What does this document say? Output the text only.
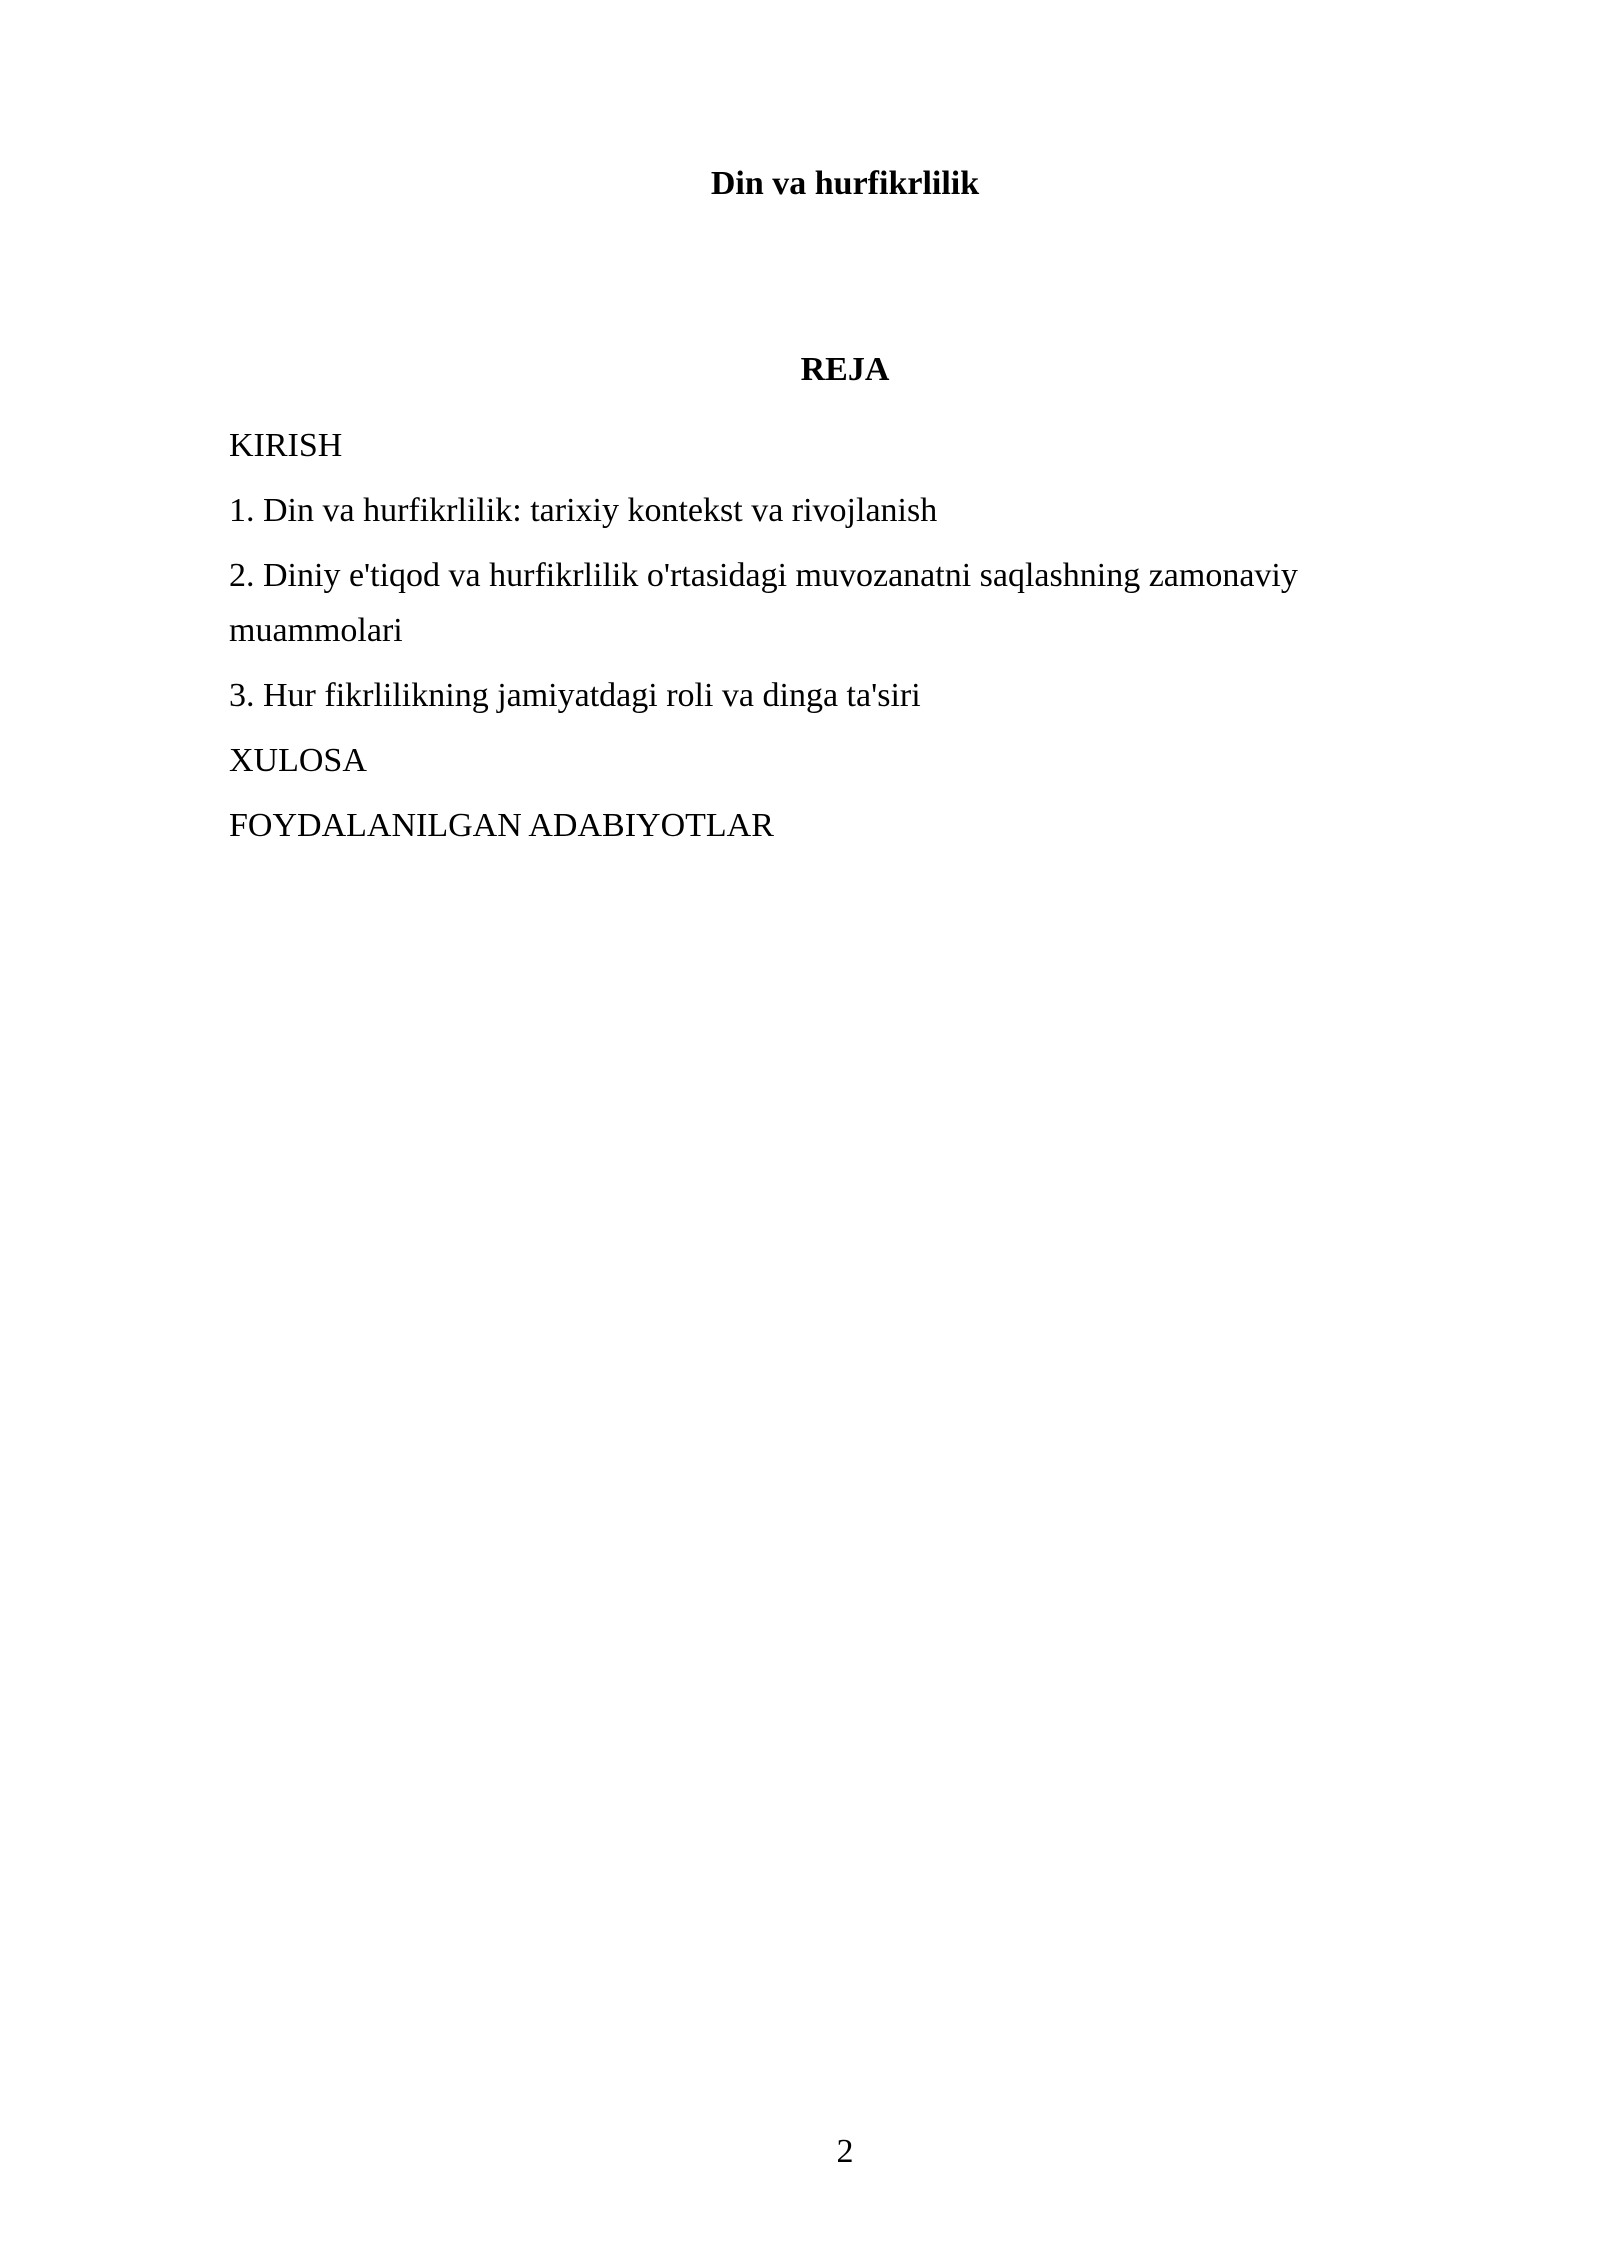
Din va hurfikrlilik
REJA
KIRISH
1. Din va hurfikrlilik: tarixiy kontekst va rivojlanish
2. Diniy e'tiqod va hurfikrlilik o'rtasidagi muvozanatni saqlashning zamonaviy muammolari
3. Hur fikrlilikning jamiyatdagi roli va dinga ta'siri
XULOSA
FOYDALANILGAN ADABIYOTLAR
2
